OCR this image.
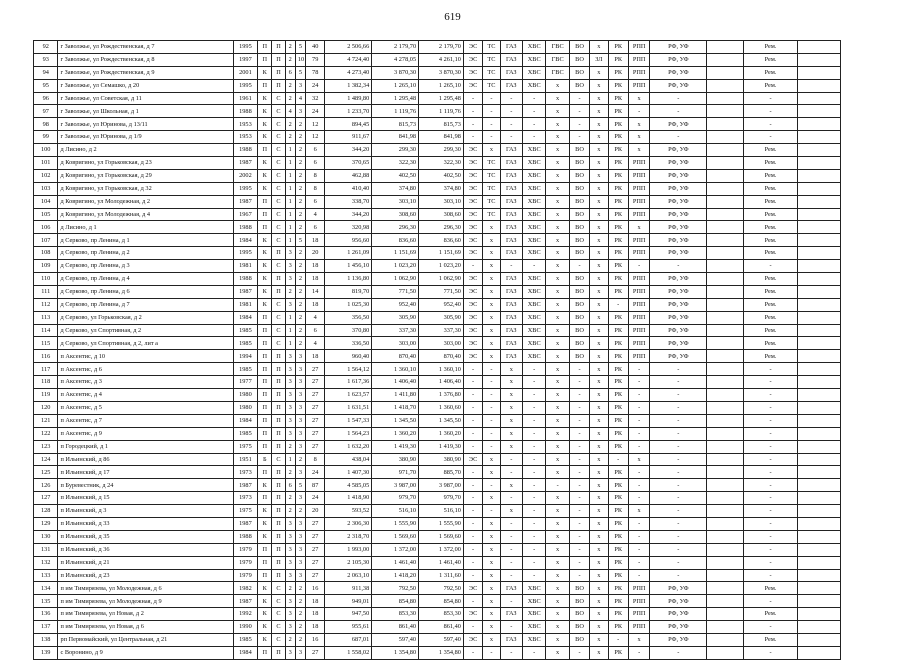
619
92	г Заволжье, ул Рождественская, д 7	1995	П	П	2	5	40	2 506,66	2 179,70	2 179,70	ЭС	ТС	ГАЗ	ХВС	ГВС	ВО	х	РК	РПП	РФ, УФ		Рем.	
93	г Заволжье, ул Рождественская, д 8	1997	П	П	2	10	79	4 724,40	4 278,05	4 261,10	ЭС	ТС	ГАЗ	ХВС	ГВС	ВО	ЗЛ	РК	РПП	РФ, УФ		Рем.	
94	г Заволжье, ул Рождественская, д 9	2001	К	П	6	5	78	4 273,40	3 870,30	3 870,30	ЭС	ТС	ГАЗ	ХВС	ГВС	ВО	х	РК	РПП	РФ, УФ		Рем.	
95	г Заволжье, ул Семашко, д 20	1995	П	П	2	3	24	1 382,34	1 265,10	1 265,10	ЭС	ТС	ГАЗ	ХВС	х	ВО	х	РК	РПП	РФ, УФ		Рем.	
96	г Заволжье, ул Советская, д 11	1961	К	С	2	4	32	1 489,80	1 295,48	1 295,48	-	-	-	-	х	-	х	РК	х	-		-	
97	г Заволжье, ул Школьная, д 1	1988	К	С	4	3	24	1 233,70	1 119,76	1 119,76	-	-	-	-	х	-	х	РК	-	-		-	
98	г Заволжье, ул Юринова, д 13/11	1953	К	С	2	2	12	894,45	815,73	815,73	-	-	-	-	х	-	х	РК	х	РФ, УФ		-	
99	г Заволжье, ул Юринова, д 1/9	1953	К	С	2	2	12	911,67	841,98	841,98	-	-	-	-	х	-	х	РК	х	-		-	
100	д Лисино, д 2	1988	П	С	1	2	6	344,20	299,30	299,30	ЭС	х	ГАЗ	ХВС	х	ВО	х	РК	х	РФ, УФ		Рем.	
101	д Ковригино, ул Горьковская, д 23	1987	К	С	1	2	6	370,65	322,30	322,30	ЭС	ТС	ГАЗ	ХВС	х	ВО	х	РК	РПП	РФ, УФ		Рем.	
102	д Ковригино, ул Горьковская, д 29	2002	К	С	1	2	8	462,88	402,50	402,50	ЭС	ТС	ГАЗ	ХВС	х	ВО	х	РК	РПП	РФ, УФ		Рем.	
103	д Ковригино, ул Горьковская, д 32	1995	К	С	1	2	8	410,40	374,80	374,80	ЭС	ТС	ГАЗ	ХВС	х	ВО	х	РК	РПП	РФ, УФ		Рем.	
104	д Ковригино, ул Молодежная, д 2	1987	П	С	1	2	6	338,70	303,10	303,10	ЭС	ТС	ГАЗ	ХВС	х	ВО	х	РК	РПП	РФ, УФ		Рем.	
105	д Ковригино, ул Молодежная, д 4	1967	П	С	1	2	4	344,20	308,60	308,60	ЭС	ТС	ГАЗ	ХВС	х	ВО	х	РК	РПП	РФ, УФ		Рем.	
106	д Лисино, д 1	1988	П	С	1	2	6	320,98	296,30	296,30	ЭС	х	ГАЗ	ХВС	х	ВО	х	РК	х	РФ, УФ		Рем.	
107	д Серково, пр Ленина, д 1	1984	К	С	1	5	18	956,60	836,60	836,60	ЭС	х	ГАЗ	ХВС	х	ВО	х	РК	РПП	РФ, УФ		Рем.	
108	д Серково, пр Ленина, д 2	1995	К	П	3	2	20	1 261,09	1 151,69	1 151,69	ЭС	х	ГАЗ	ХВС	х	ВО	х	РК	РПП	РФ, УФ		Рем.	
109	д Серково, пр Ленина, д 3	1981	К	С	3	2	18	1 456,10	1 023,20	1 023,20	-	х	-	-	х	-	х	РК	-	-		-	
110	д Серково, пр Ленина, д 4	1988	К	П	3	2	18	1 136,80	1 062,90	1 062,90	ЭС	х	ГАЗ	ХВС	х	ВО	х	РК	РПП	РФ, УФ		Рем.	
111	д Серково, пр Ленина, д 6	1987	К	П	2	2	14	819,70	771,50	771,50	ЭС	х	ГАЗ	ХВС	х	ВО	х	РК	РПП	РФ, УФ		Рем.	
112	д Серково, пр Ленина, д 7	1981	К	С	3	2	18	1 025,30	952,40	952,40	ЭС	х	ГАЗ	ХВС	х	ВО	х	-	РПП	РФ, УФ		Рем.	
113	д Серково, ул Горьковская, д 2	1984	П	С	1	2	4	356,50	305,90	305,90	ЭС	х	ГАЗ	ХВС	х	ВО	х	РК	РПП	РФ, УФ		Рем.	
114	д Серково, ул Спортивная, д 2	1985	П	С	1	2	6	370,80	337,30	337,30	ЭС	х	ГАЗ	ХВС	х	ВО	х	РК	РПП	РФ, УФ		Рем.	
115	д Серково, ул Спортивная, д 2, лит а	1985	П	С	1	2	4	336,50	303,00	303,00	ЭС	х	ГАЗ	ХВС	х	ВО	х	РК	РПП	РФ, УФ		Рем.	
116	п Аксентис, д 10	1994	П	П	3	3	18	960,40	870,40	870,40	ЭС	х	ГАЗ	ХВС	х	ВО	х	РК	РПП	РФ, УФ		Рем.	
117	п Аксентис, д 6	1985	П	П	3	3	27	1 564,12	1 360,10	1 360,10	-	-	х	-	х	-	х	РК	-	-		-	
118	п Аксентис, д 3	1977	П	П	3	3	27	1 617,36	1 406,40	1 406,40	-	-	х	-	х	-	х	РК	-	-		-	
119	п Аксентис, д 4	1980	П	П	3	3	27	1 623,57	1 411,80	1 376,80	-	-	х	-	х	-	х	РК	-	-		-	
120	п Аксентис, д 5	1980	П	П	3	3	27	1 631,51	1 418,70	1 360,60	-	-	х	-	х	-	х	РК	-	-		-	
121	п Аксентис, д 7	1984	П	П	3	3	27	1 547,33	1 345,50	1 345,50	-	-	х	-	х	-	х	РК	-	-		-	
122	п Аксентис, д 9	1985	П	П	3	3	27	1 564,23	1 360,20	1 360,20	-	-	х	-	х	-	х	РК	-	-		-	
123	п Городецкий, д 1	1975	П	П	2	3	27	1 632,20	1 419,30	1 419,30	-	-	х	-	х	-	х	РК	-	-		-	
124	п Ильинский, д 86	1951	Б	С	1	2	8	438,04	380,90	380,90	ЭС	х	-	-	х	-	х	-	х	-		-	
125	п Ильинский, д 17	1973	П	П	2	3	24	1 407,30	971,70	885,70	-	х	-	-	х	-	х	РК	-	-		-	
126	п Буревестник, д 24	1987	К	П	6	5	87	4 585,05	3 987,00	3 987,00	-	-	х	-	-	-	х	РК	-	-		-	
127	п Ильинский, д 15	1973	П	П	2	3	24	1 418,90	979,70	979,70	-	х	-	-	х	-	х	РК	-	-		-	
128	п Ильинский, д 3	1975	К	П	2	2	20	593,52	516,10	516,10	-	-	х	-	х	-	х	РК	х	-		-	
129	п Ильинский, д 33	1987	К	П	3	3	27	2 306,30	1 555,90	1 555,90	-	х	-	-	х	-	х	РК	-	-		-	
130	п Ильинский, д 35	1988	К	П	3	3	27	2 318,70	1 569,60	1 569,60	-	х	-	-	х	-	х	РК	-	-		-	
131	п Ильинский, д 36	1979	П	П	3	3	27	1 993,00	1 372,00	1 372,00	-	х	-	-	х	-	х	РК	-	-		-	
132	п Ильинский, д 21	1979	П	П	3	3	27	2 105,30	1 461,40	1 461,40	-	х	-	-	х	-	х	РК	-	-		-	
133	п Ильинский, д 23	1979	П	П	3	3	27	2 063,10	1 418,20	1 311,60	-	х	-	-	х	-	х	РК	-	-		-	
134	п им Тимирязева, ул Молодежная, д 6	1982	К	С	2	2	16	911,38	792,50	792,50	ЭС	х	ГАЗ	ХВС	х	ВО	х	РК	РПП	РФ, УФ		Рем.	
135	п им Тимирязева, ул Молодежная, д 9	1987	К	С	3	2	18	949,01	854,80	854,80	-	х	-	ХВС	х	ВО	х	РК	РПП	РФ, УФ		-	
136	п им Тимирязева, ул Новая, д 2	1992	К	С	3	2	18	947,50	853,30	853,30	ЭС	х	ГАЗ	ХВС	х	ВО	х	РК	РПП	РФ, УФ		Рем.	
137	п им Тимирязева, ул Новая, д 6	1990	К	С	3	2	18	955,61	861,40	861,40	-	х	-	ХВС	х	ВО	х	РК	РПП	РФ, УФ		-	
138	рп Первомайский, ул Центральная, д 21	1985	К	С	2	2	16	687,01	597,40	597,40	ЭС	х	ГАЗ	ХВС	х	ВО	х	-	х	РФ, УФ		Рем.	
139	с Воронино, д 9	1984	П	П	3	3	27	1 558,02	1 354,80	1 354,80	-	-	-	-	х	-	х	РК	-	-		-	
